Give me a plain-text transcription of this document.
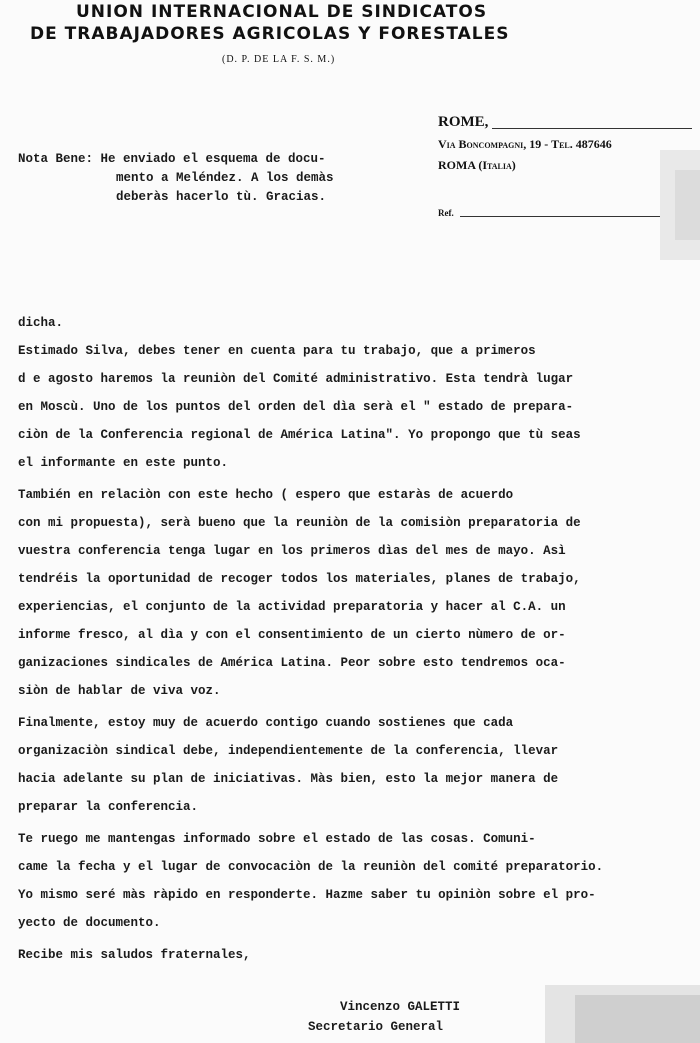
UNION INTERNACIONAL DE SINDICATOS
DE TRABAJADORES AGRICOLAS Y FORESTALES
(D. P. DE LA F. S. M.)
ROME,
Via Boncompagni, 19 - Tel. 487646
ROMA (Italia)
Ref.
Nota Bene: He enviado el esquema de docu-
mento a Meléndez. A los demàs
deberàs hacerlo tù. Gracias.
dicha.
Estimado Silva, debes tener en cuenta para tu trabajo, que a primeros
d e agosto haremos la reuniòn del Comité administrativo. Esta tendrà lugar
en Moscù. Uno de los puntos del orden del dìa serà el " estado de prepara-
ciòn de la Conferencia regional de América Latina". Yo propongo que tù seas
el informante en este punto.
También en relaciòn con este hecho ( espero que estaràs de acuerdo
con mi propuesta), serà bueno que la reuniòn de la comisiòn preparatoria de
vuestra conferencia tenga lugar en los primeros dìas del mes de mayo. Asì
tendréis la oportunidad de recoger todos los materiales, planes de trabajo,
experiencias, el conjunto de la actividad preparatoria y hacer al C.A. un
informe fresco, al dìa y con el consentimiento de un cierto nùmero de or-
ganizaciones sindicales de América Latina. Peor sobre esto tendremos oca-
siòn de hablar de viva voz.
Finalmente, estoy muy de acuerdo contigo cuando sostienes que cada
organizaciòn sindical debe, independientemente de la conferencia, llevar
hacia adelante su plan de iniciativas. Màs bien, esto la mejor manera de
preparar la conferencia.
Te ruego me mantengas informado sobre el estado de las cosas. Comuni-
came la fecha y el lugar de convocaciòn de la reuniòn del comité preparatorio.
Yo mismo seré màs ràpido en responderte. Hazme saber tu opiniòn sobre el pro-
yecto de documento.
Recibe mis saludos fraternales,
Vincenzo GALETTI
Secretario General
